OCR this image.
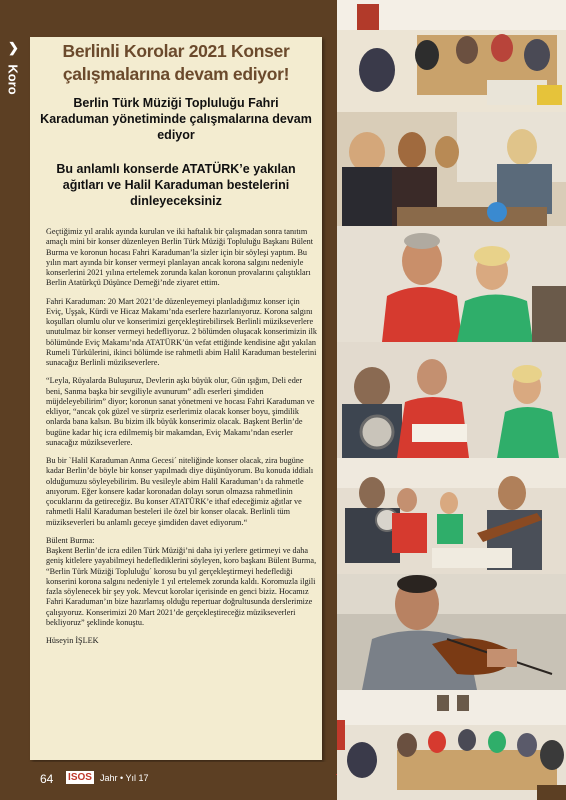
❯
Koro
Berlinli Korolar 2021 Konser
çalışmalarına devam ediyor!
Berlin Türk Müziği Topluluğu Fahri Karaduman yönetiminde çalışmalarına devam ediyor
Bu anlamlı konserde ATATÜRK’e yakılan ağıtları ve Halil Karaduman bestelerini dinleyeceksiniz

Geçtiğimiz yıl aralık ayında kurulan ve iki haftalık bir çalışmadan sonra tanıtım amaçlı mini bir konser düzenleyen Berlin Türk Müziği Topluluğu Başkanı Bülent Burma ve koronun hocası Fahri Karaduman’la sizler için bir söyleşi yaptım. Bu yılın mart ayında bir konser vermeyi planlayan ancak korona salgını nedeniyle konserlerini 2021 yılına ertelemek zorunda kalan koronun provalarını çalıştıkları Berlin Atatürkçü Düşünce Derneği’nde ziyaret ettim.

Fahri Karaduman: 20 Mart 2021’de düzenleyemeyi planladığımız konser için Eviç, Uşşak, Kürdi ve Hicaz Makamı’nda eserlere hazırlanıyoruz. Korona salgını koşulları olumlu olur ve konserimizi gerçekleştirebilirsek Berlinli müzikseverlere unutulmaz bir konser vermeyi hedefliyoruz. 2 bölümden oluşacak konserimizin ilk bölümünde Eviç Makamı’nda ATATÜRK’ün vefat ettiğinde kendisine ağıt yakılan Rumeli Türkülerini, ikinci bölümde ise rahmetli abim Halil Karaduman bestelerini sunacağız Berlinli müzikseverlere.

“Leyla, Rüyalarda Buluşuruz, Devlerin aşkı büyük olur, Gün ışığım, Deli eder beni, Sanma başka bir sevgiliyle avunurum” adlı eserleri şimdiden müjdeleyebilirim” diyor; koronun sanat yönetmeni ve hocası Fahri Karaduman ve ekliyor, “ancak çok güzel ve sürpriz eserlerimiz olacak konser boyu, şimdilik onlarda bana kalsın. Bu bizim ilk büyük konserimiz olacak. Başkent Berlin’de bugüne kadar hiç icra edilmemiş bir makamdan, Eviç Makamı’ndan eserler sunacağız müzikseverlere.

Bu bir `Halil Karaduman Anma Gecesi´ niteliğinde konser olacak, zira bugüne kadar Berlin’de böyle bir konser yapılmadı diye düşünüyorum. Bu konuda iddialı olduğumuzu söyleyebilirim. Bu vesileyle abim Halil Karaduman’ı da rahmetle anıyorum. Eğer konsere kadar koronadan dolayı sorun olmazsa rahmetlinin çocuklarını da getireceğiz. Bu konser ATATÜRK’e ithaf edeceğimiz ağıtlar ve rahmetli Halil Karaduman besteleri ile özel bir konser olacak. Berlinli tüm müzikseverleri bu anlamlı geceye şimdiden davet ediyorum.“

Bülent Burma:
Başkent Berlin’de icra edilen Türk Müziği’ni daha iyi yerlere getirmeyi ve daha geniş kitlelere yayabilmeyi hedeflediklerini söyleyen, koro başkanı Bülent Burma, “Berlin Türk Müziği Topluluğu´ korosu bu yıl gerçekleştirmeyi hedeflediği konserini korona salgını nedeniyle 1 yıl ertelemek zorunda kaldı. Koromuzla ilgili fazla söylenecek bir şey yok. Mevcut korolar içerisinde en genci biziz. Hocamız Fahri Karaduman’ın bize hazırlamış olduğu repertuar doğrultusunda derslerimize çalışıyoruz. Konserimizi 20 Mart 2021’de gerçekleştireceğiz müzikseverleri bekliyoruz” şeklinde konuştu.

Hüseyin İŞLEK

64 ISOS Jahr • Yıl 17
